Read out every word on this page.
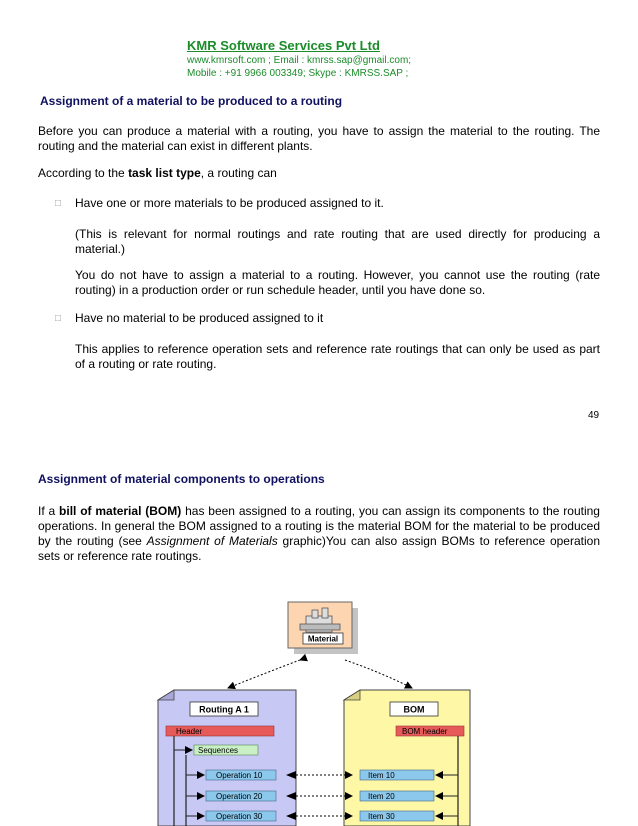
KMR Software Services Pvt Ltd
www.kmrsoft.com ; Email : kmrss.sap@gmail.com;
Mobile : +91 9966 003349; Skype : KMRSS.SAP ;
Assignment of a material to be produced to a routing

Before you can produce a material with a routing, you have to assign the material to the routing. The routing and the material can exist in different plants.

According to the task list type, a routing can

□ Have one or more materials to be produced assigned to it.

(This is relevant for normal routings and rate routing that are used directly for producing a material.)

You do not have to assign a material to a routing. However, you cannot use the routing (rate routing) in a production order or run schedule header, until you have done so.

□ Have no material to be produced assigned to it

This applies to reference operation sets and reference rate routings that can only be used as part of a routing or rate routing.

49
Assignment of material components to operations

If a bill of material (BOM) has been assigned to a routing, you can assign its components to the routing operations. In general the BOM assigned to a routing is the material BOM for the material to be produced by the routing (see Assignment of Materials graphic)You can also assign BOMs to reference operation sets or reference rate routings.

Material
Routing A 1
Header
Sequences
BOM
BOM header
Operation 10
Operation 20
Operation 30
Item 10
Item 20
Item 30
